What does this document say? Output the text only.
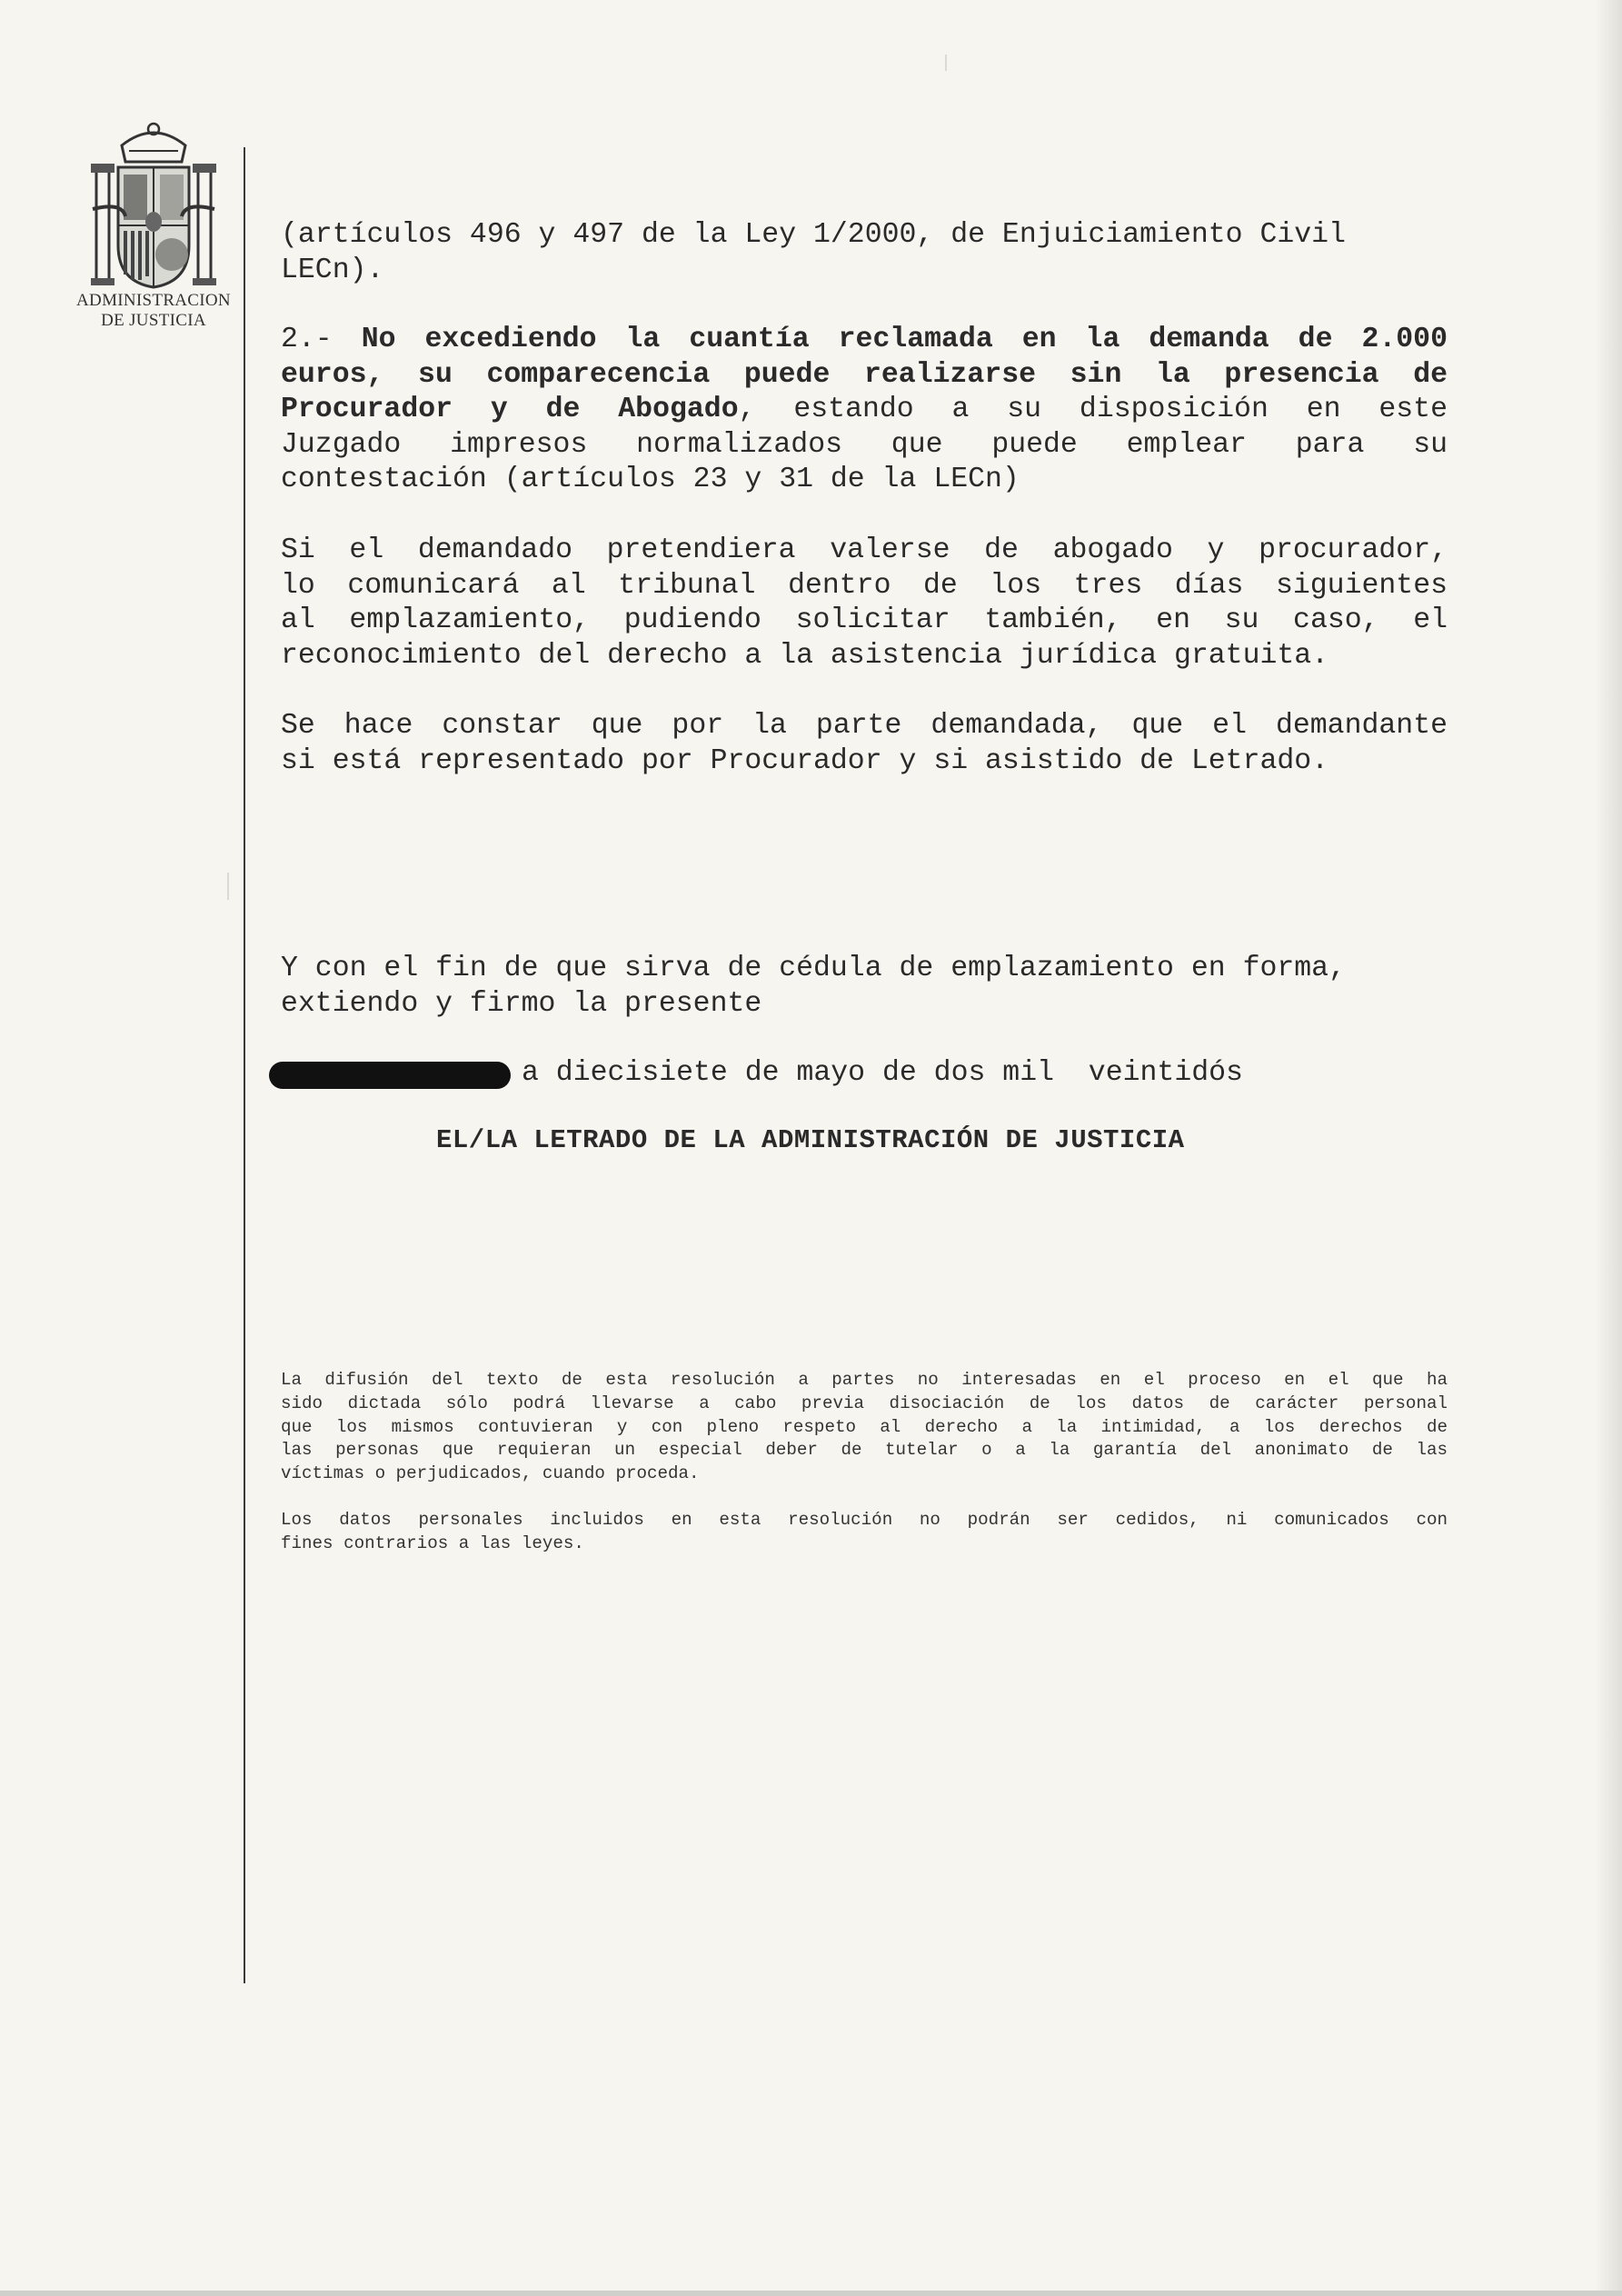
ADMINISTRACION
DE JUSTICIA
(artículos 496 y 497 de la Ley 1/2000, de Enjuiciamiento Civil
LECn).
2.- No excediendo la cuantía reclamada en la demanda de 2.000
euros, su comparecencia puede realizarse sin la presencia de
Procurador y de Abogado, estando a su disposición en este
Juzgado impresos normalizados que puede emplear para su
contestación (artículos 23 y 31 de la LECn)
Si el demandado pretendiera valerse de abogado y procurador,
lo comunicará al tribunal dentro de los tres días siguientes
al emplazamiento, pudiendo solicitar también, en su caso, el
reconocimiento del derecho a la asistencia jurídica gratuita.
Se hace constar que por la parte demandada, que el demandante
si está representado por Procurador y si asistido de Letrado.
Y con el fin de que sirva de cédula de emplazamiento en forma,
extiendo y firmo la presente
a diecisiete de mayo de dos mil  veintidós
EL/LA LETRADO DE LA ADMINISTRACIÓN DE JUSTICIA
La difusión del texto de esta resolución a partes no interesadas en el proceso en el que ha
sido dictada sólo podrá llevarse a cabo previa disociación de los datos de carácter personal
que los mismos contuvieran y con pleno respeto al derecho a la intimidad, a los derechos de
las personas que requieran un especial deber de tutelar o a la garantía del anonimato de las
víctimas o perjudicados, cuando proceda.
Los datos personales incluidos en esta resolución no podrán ser cedidos, ni comunicados con
fines contrarios a las leyes.
